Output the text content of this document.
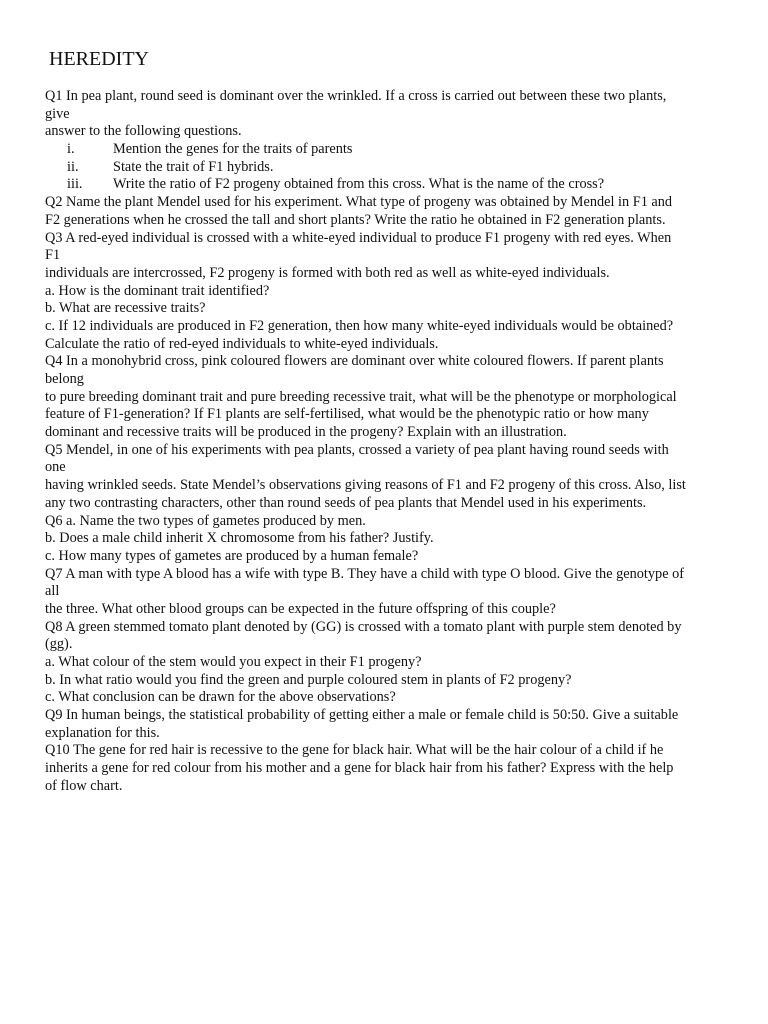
HEREDITY
Q1 In pea plant, round seed is dominant over the wrinkled. If a cross is carried out between these two plants,
give
answer to the following questions.
i.	Mention the genes for the traits of parents
ii. State the trait of F1 hybrids.
iii. Write the ratio of F2 progeny obtained from this cross. What is the name of the cross?
Q2 Name the plant Mendel used for his experiment. What type of progeny was obtained by Mendel in F1 and
F2 generations when he crossed the tall and short plants? Write the ratio he obtained in F2 generation plants.
Q3 A red-eyed individual is crossed with a white-eyed individual to produce F1 progeny with red eyes. When
F1
individuals are intercrossed, F2 progeny is formed with both red as well as white-eyed individuals.
a. How is the dominant trait identified?
b. What are recessive traits?
c. If 12 individuals are produced in F2 generation, then how many white-eyed individuals would be obtained?
Calculate the ratio of red-eyed individuals to white-eyed individuals.
Q4 In a monohybrid cross, pink coloured flowers are dominant over white coloured flowers. If parent plants
belong
to pure breeding dominant trait and pure breeding recessive trait, what will be the phenotype or morphological
feature of F1-generation? If F1 plants are self-fertilised, what would be the phenotypic ratio or how many
dominant and recessive traits will be produced in the progeny? Explain with an illustration.
Q5 Mendel, in one of his experiments with pea plants, crossed a variety of pea plant having round seeds with
one
having wrinkled seeds. State Mendel’s observations giving reasons of F1 and F2 progeny of this cross. Also, list
any two contrasting characters, other than round seeds of pea plants that Mendel used in his experiments.
Q6 a. Name the two types of gametes produced by men.
b. Does a male child inherit X chromosome from his father? Justify.
c. How many types of gametes are produced by a human female?
Q7 A man with type A blood has a wife with type B. They have a child with type O blood. Give the genotype of
all
the three. What other blood groups can be expected in the future offspring of this couple?
Q8 A green stemmed tomato plant denoted by (GG) is crossed with a tomato plant with purple stem denoted by
(gg).
a. What colour of the stem would you expect in their F1 progeny?
b. In what ratio would you find the green and purple coloured stem in plants of F2 progeny?
c. What conclusion can be drawn for the above observations?
Q9 In human beings, the statistical probability of getting either a male or female child is 50:50. Give a suitable
explanation for this.
Q10 The gene for red hair is recessive to the gene for black hair. What will be the hair colour of a child if he
inherits a gene for red colour from his mother and a gene for black hair from his father? Express with the help
of flow chart.
